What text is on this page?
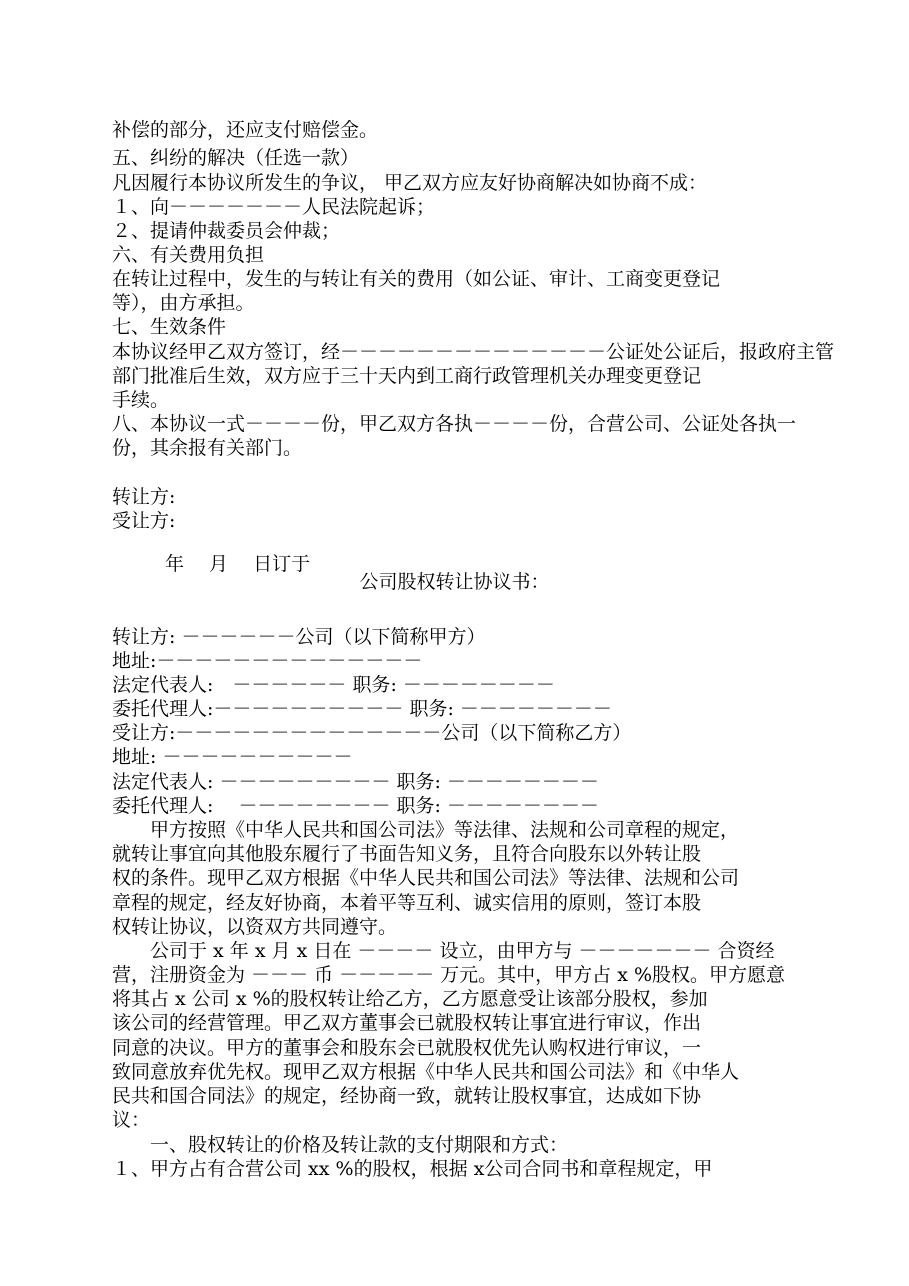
补偿的部分，还应支付赔偿金。
五、纠纷的解决（任选一款）
凡因履行本协议所发生的争议， 甲乙双方应友好协商解决如协商不成：
１、向－－－－－－－人民法院起诉；
２、提请仲裁委员会仲裁；
六、有关费用负担
在转让过程中，发生的与转让有关的费用（如公证、审计、工商变更登记
等），由方承担。
七、生效条件
本协议经甲乙双方签订，经－－－－－－－－－－－－－－公证处公证后，报政府主管
部门批准后生效，双方应于三十天内到工商行政管理机关办理变更登记
手续。
八、本协议一式－－－－份，甲乙双方各执－－－－份，合营公司、公证处各执一
份，其余报有关部门。
转让方:
受让方:
年　 月　 日订于
公司股权转让协议书：
转让方: －－－－－－公司（以下简称甲方）
地址:－－－－－－－－－－－－－－
法定代表人:　－－－－－－ 职务: －－－－－－－－
委托代理人:－－－－－－－－－－ 职务: －－－－－－－－
受让方:－－－－－－－－－－－－－－公司（以下简称乙方）
地址: －－－－－－－－－－
法定代表人: －－－－－－－－－ 职务: －－－－－－－－
委托代理人:　 －－－－－－－－ 职务: －－－－－－－－
甲方按照《中华人民共和国公司法》等法律、法规和公司章程的规定，
就转让事宜向其他股东履行了书面告知义务，且符合向股东以外转让股
权的条件。现甲乙双方根据《中华人民共和国公司法》等法律、法规和公司
章程的规定，经友好协商，本着平等互利、诚实信用的原则，签订本股
权转让协议，以资双方共同遵守。
公司于 x 年 x 月 x 日在 －－－－ 设立，由甲方与 －－－－－－－ 合资经
营，注册资金为 －－－ 币 －－－－－ 万元。其中，甲方占 x %股权。甲方愿意
将其占 x 公司 x %的股权转让给乙方，乙方愿意受让该部分股权，参加
该公司的经营管理。甲乙双方董事会已就股权转让事宜进行审议，作出
同意的决议。甲方的董事会和股东会已就股权优先认购权进行审议，一
致同意放弃优先权。现甲乙双方根据《中华人民共和国公司法》和《中华人
民共和国合同法》的规定，经协商一致，就转让股权事宜，达成如下协
议：
一、股权转让的价格及转让款的支付期限和方式：
１、甲方占有合营公司 xx %的股权，根据 x公司合同书和章程规定，甲
